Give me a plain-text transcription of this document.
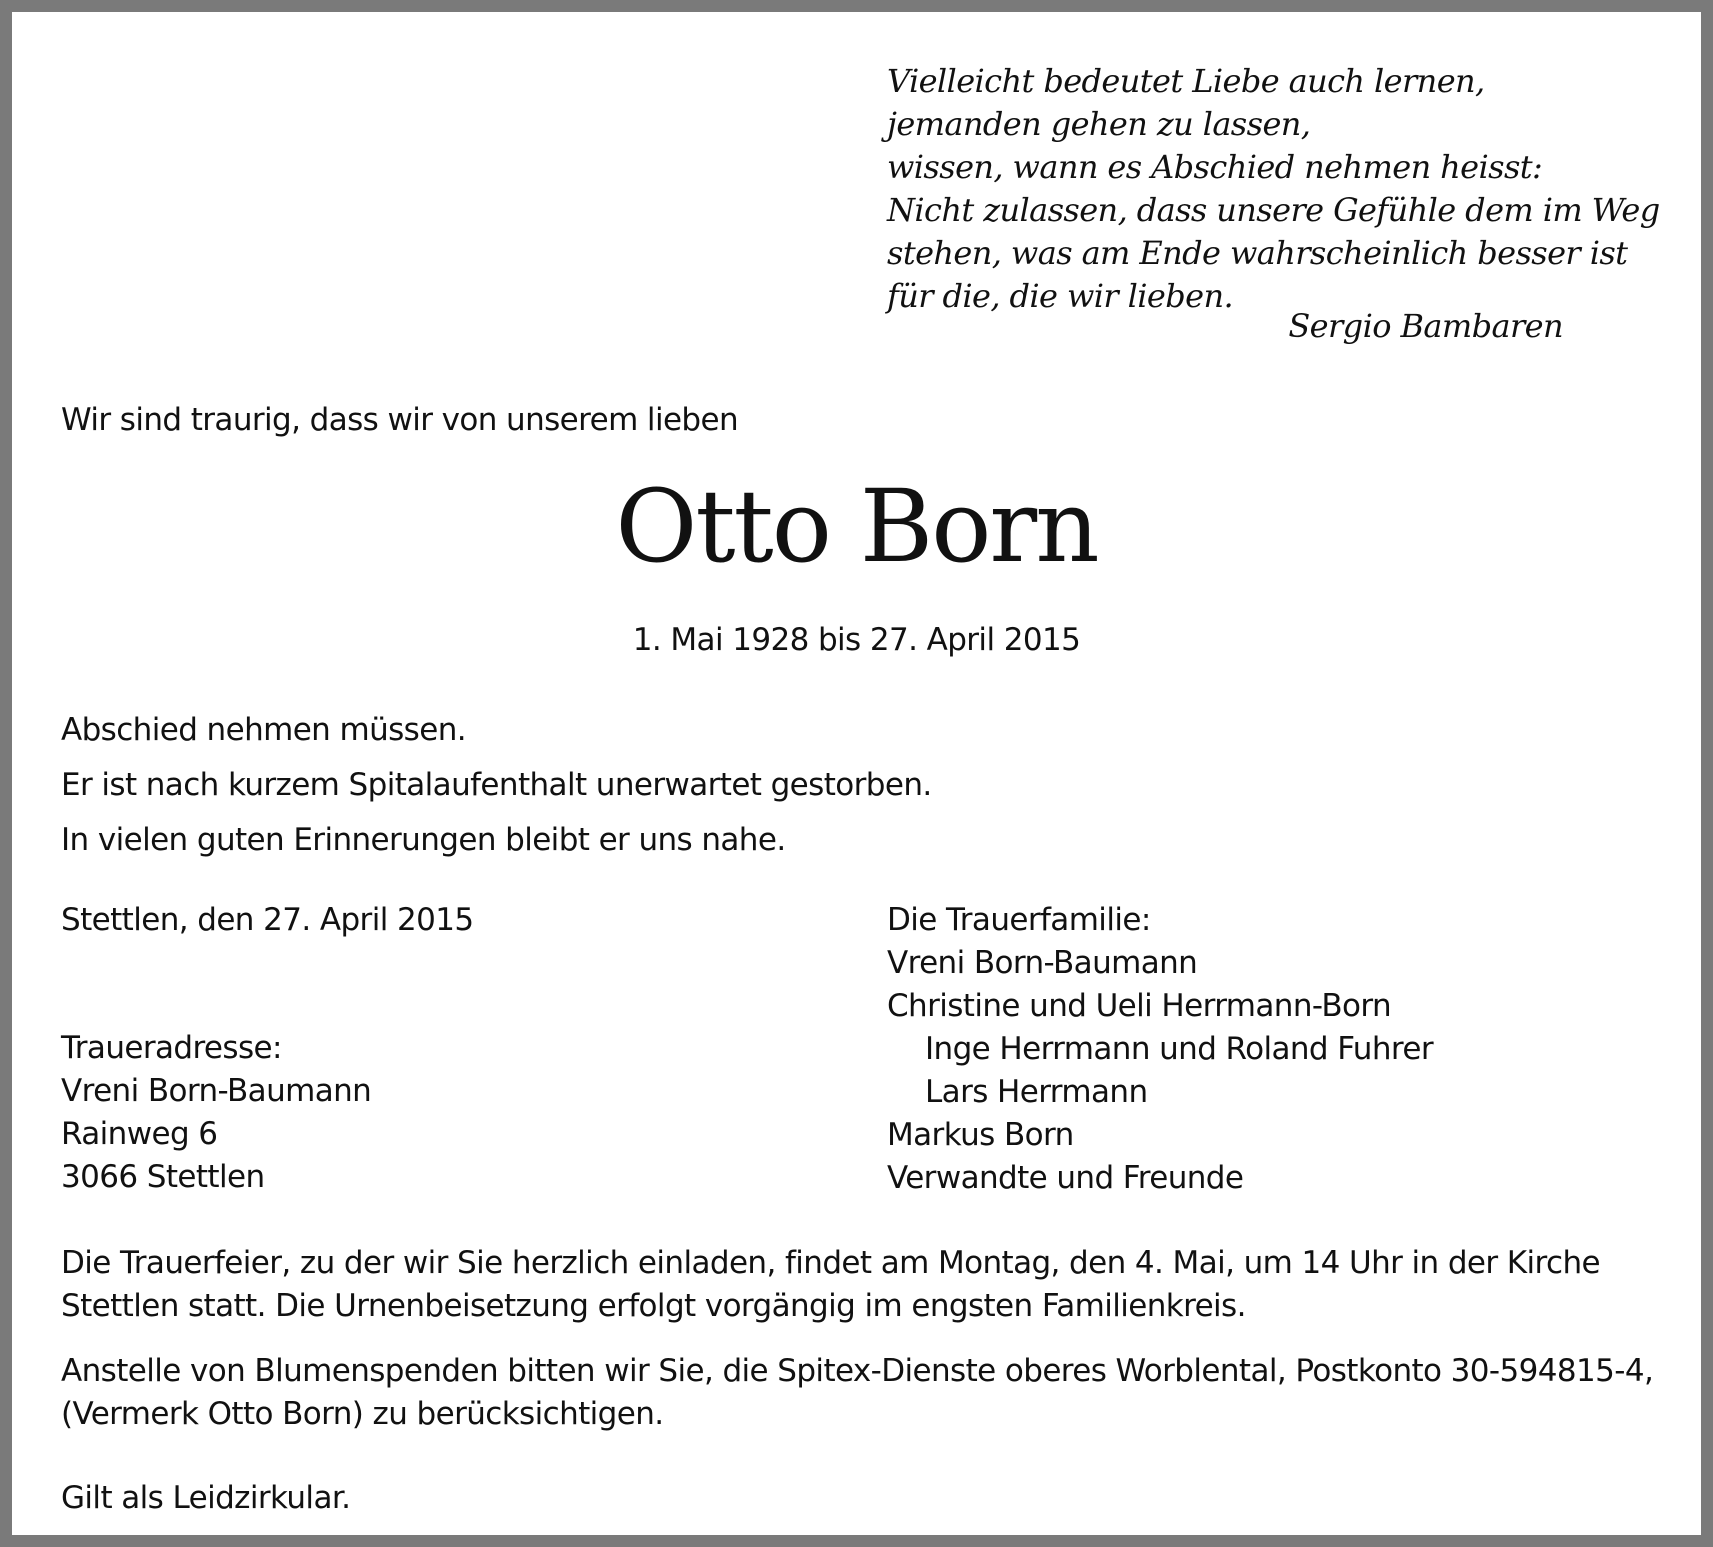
Vielleicht bedeutet Liebe auch lernen,
jemanden gehen zu lassen,
wissen, wann es Abschied nehmen heisst:
Nicht zulassen, dass unsere Gefühle dem im Weg
stehen, was am Ende wahrscheinlich besser ist
für die, die wir lieben.
Sergio Bambaren
Wir sind traurig, dass wir von unserem lieben
Otto Born
1. Mai 1928 bis 27. April 2015
Abschied nehmen müssen.
Er ist nach kurzem Spitalaufenthalt unerwartet gestorben.
In vielen guten Erinnerungen bleibt er uns nahe.
Stettlen, den 27. April 2015
Traueradresse:
Vreni Born-Baumann
Rainweg 6
3066 Stettlen
Die Trauerfamilie:
Vreni Born-Baumann
Christine und Ueli Herrmann-Born
Inge Herrmann und Roland Fuhrer
Lars Herrmann
Markus Born
Verwandte und Freunde
Die Trauerfeier, zu der wir Sie herzlich einladen, findet am Montag, den 4. Mai, um 14 Uhr in der Kirche Stettlen statt. Die Urnenbeisetzung erfolgt vorgängig im engsten Familienkreis.
Anstelle von Blumenspenden bitten wir Sie, die Spitex-Dienste oberes Worblental, Postkonto 30-594815-4, (Vermerk Otto Born) zu berücksichtigen.
Gilt als Leidzirkular.
